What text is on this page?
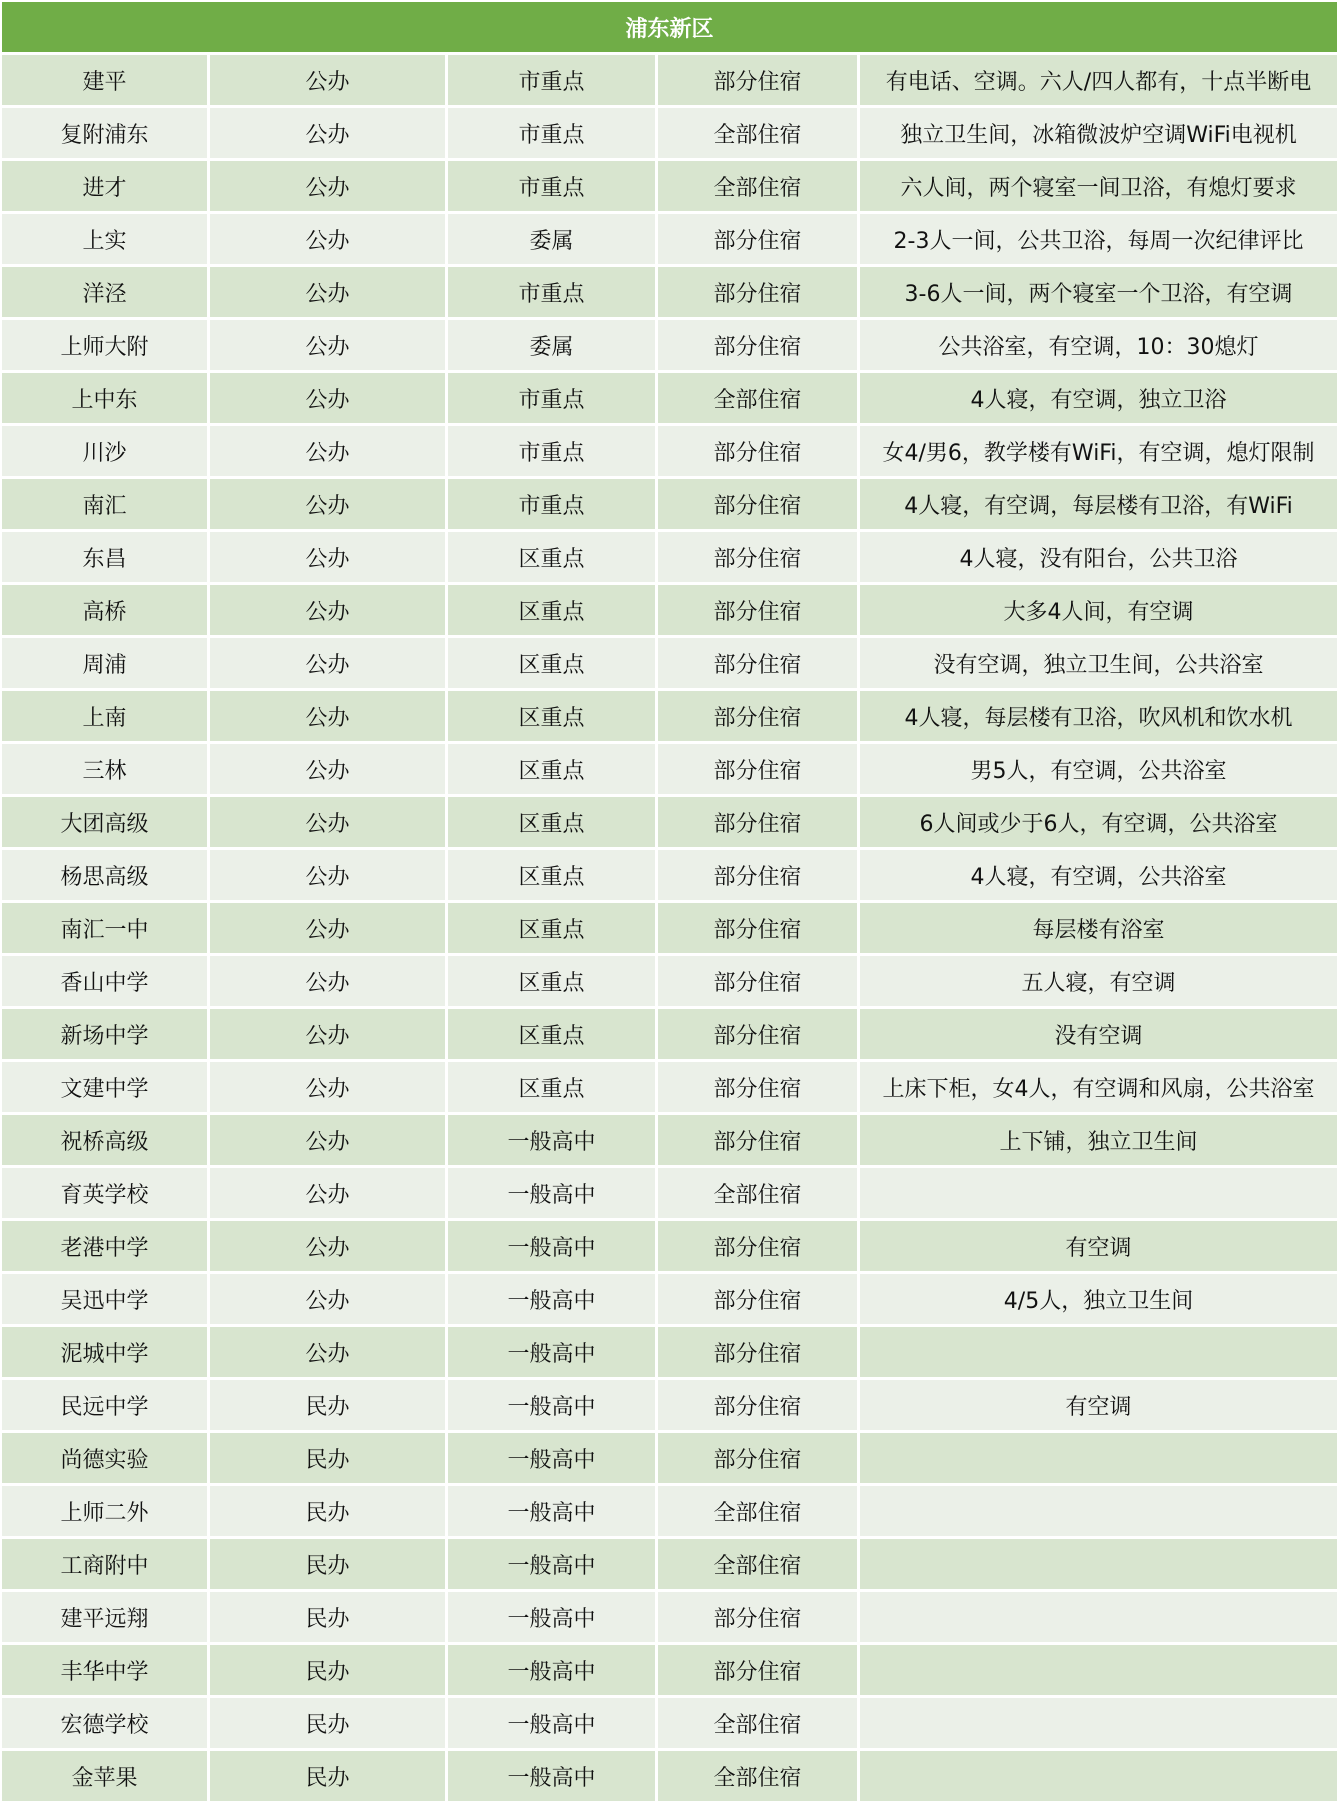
浦东新区
建平	公办	市重点	部分住宿	有电话、空调。六人/四人都有，十点半断电
复附浦东	公办	市重点	全部住宿	独立卫生间，冰箱微波炉空调WiFi电视机
进才	公办	市重点	全部住宿	六人间，两个寝室一间卫浴，有熄灯要求
上实	公办	委属	部分住宿	2-3人一间，公共卫浴，每周一次纪律评比
洋泾	公办	市重点	部分住宿	3-6人一间，两个寝室一个卫浴，有空调
上师大附	公办	委属	部分住宿	公共浴室，有空调，10：30熄灯
上中东	公办	市重点	全部住宿	4人寝，有空调，独立卫浴
川沙	公办	市重点	部分住宿	女4/男6，教学楼有WiFi，有空调，熄灯限制
南汇	公办	市重点	部分住宿	4人寝，有空调，每层楼有卫浴，有WiFi
东昌	公办	区重点	部分住宿	4人寝，没有阳台，公共卫浴
高桥	公办	区重点	部分住宿	大多4人间，有空调
周浦	公办	区重点	部分住宿	没有空调，独立卫生间，公共浴室
上南	公办	区重点	部分住宿	4人寝，每层楼有卫浴，吹风机和饮水机
三林	公办	区重点	部分住宿	男5人，有空调，公共浴室
大团高级	公办	区重点	部分住宿	6人间或少于6人，有空调，公共浴室
杨思高级	公办	区重点	部分住宿	4人寝，有空调，公共浴室
南汇一中	公办	区重点	部分住宿	每层楼有浴室
香山中学	公办	区重点	部分住宿	五人寝，有空调
新场中学	公办	区重点	部分住宿	没有空调
文建中学	公办	区重点	部分住宿	上床下柜，女4人，有空调和风扇，公共浴室
祝桥高级	公办	一般高中	部分住宿	上下铺，独立卫生间
育英学校	公办	一般高中	全部住宿	
老港中学	公办	一般高中	部分住宿	有空调
吴迅中学	公办	一般高中	部分住宿	4/5人，独立卫生间
泥城中学	公办	一般高中	部分住宿	
民远中学	民办	一般高中	部分住宿	有空调
尚德实验	民办	一般高中	部分住宿	
上师二外	民办	一般高中	全部住宿	
工商附中	民办	一般高中	全部住宿	
建平远翔	民办	一般高中	部分住宿	
丰华中学	民办	一般高中	部分住宿	
宏德学校	民办	一般高中	全部住宿	
金苹果	民办	一般高中	全部住宿	
